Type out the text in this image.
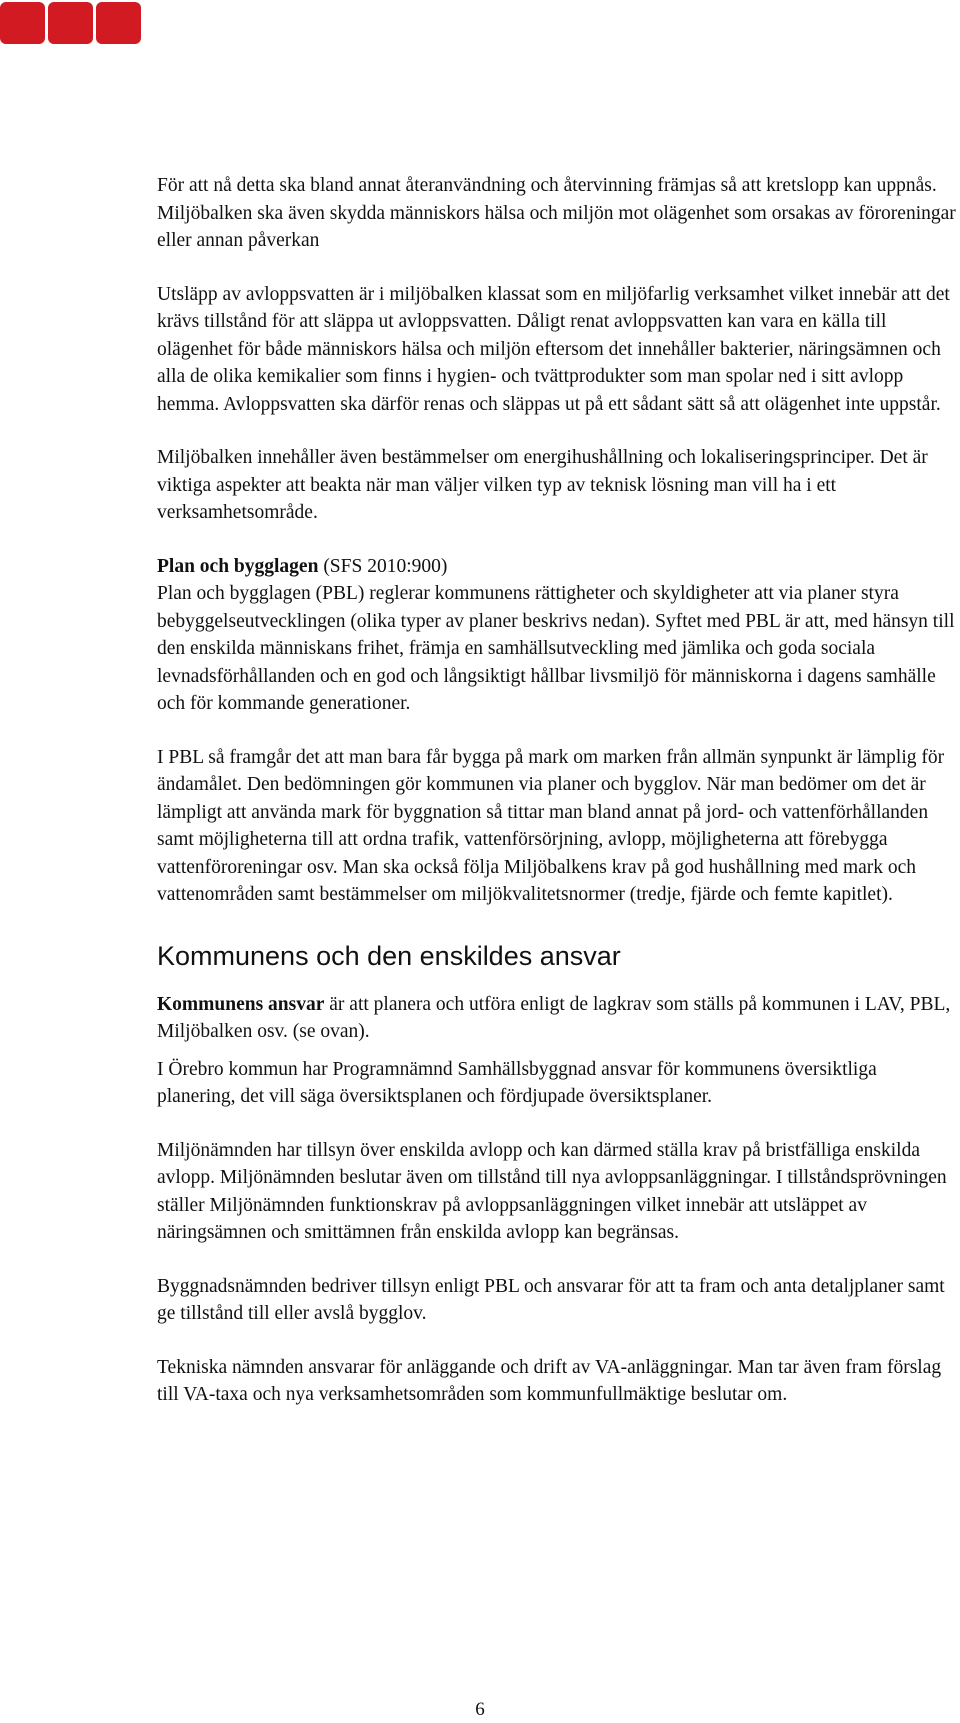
För att nå detta ska bland annat återanvändning och återvinning främjas så att kretslopp kan uppnås. Miljöbalken ska även skydda människors hälsa och miljön mot olägenhet som orsakas av föroreningar eller annan påverkan

Utsläpp av avloppsvatten är i miljöbalken klassat som en miljöfarlig verksamhet vilket innebär att det krävs tillstånd för att släppa ut avloppsvatten. Dåligt renat avloppsvatten kan vara en källa till olägenhet för både människors hälsa och miljön eftersom det innehåller bakterier, näringsämnen och alla de olika kemikalier som finns i hygien- och tvättprodukter som man spolar ned i sitt avlopp hemma. Avloppsvatten ska därför renas och släppas ut på ett sådant sätt så att olägenhet inte uppstår.

Miljöbalken innehåller även bestämmelser om energihushållning och lokaliseringsprinciper. Det är viktiga aspekter att beakta när man väljer vilken typ av teknisk lösning man vill ha i ett verksamhetsområde.

Plan och bygglagen (SFS 2010:900)

Plan och bygglagen (PBL) reglerar kommunens rättigheter och skyldigheter att via planer styra bebyggelseutvecklingen (olika typer av planer beskrivs nedan). Syftet med PBL är att, med hänsyn till den enskilda människans frihet, främja en samhällsutveckling med jämlika och goda sociala levnadsförhållanden och en god och långsiktigt hållbar livsmiljö för människorna i dagens samhälle och för kommande generationer.

I PBL så framgår det att man bara får bygga på mark om marken från allmän synpunkt är lämplig för ändamålet. Den bedömningen gör kommunen via planer och bygglov. När man bedömer om det är lämpligt att använda mark för byggnation så tittar man bland annat på jord- och vattenförhållanden samt möjligheterna till att ordna trafik, vattenförsörjning, avlopp, möjligheterna att förebygga vattenföroreningar osv. Man ska också följa Miljöbalkens krav på god hushållning med mark och vattenområden samt bestämmelser om miljökvalitetsnormer (tredje, fjärde och femte kapitlet).

Kommunens och den enskildes ansvar

Kommunens ansvar är att planera och utföra enligt de lagkrav som ställs på kommunen i LAV, PBL, Miljöbalken osv. (se ovan).

I Örebro kommun har Programnämnd Samhällsbyggnad ansvar för kommunens översiktliga planering, det vill säga översiktsplanen och fördjupade översiktsplaner.

Miljönämnden har tillsyn över enskilda avlopp och kan därmed ställa krav på bristfälliga enskilda avlopp. Miljönämnden beslutar även om tillstånd till nya avloppsanläggningar. I tillståndsprövningen ställer Miljönämnden funktionskrav på avloppsanläggningen vilket innebär att utsläppet av näringsämnen och smittämnen från enskilda avlopp kan begränsas.

Byggnadsnämnden bedriver tillsyn enligt PBL och ansvarar för att ta fram och anta detaljplaner samt ge tillstånd till eller avslå bygglov.

Tekniska nämnden ansvarar för anläggande och drift av VA-anläggningar. Man tar även fram förslag till VA-taxa och nya verksamhetsområden som kommunfullmäktige beslutar om.

6
